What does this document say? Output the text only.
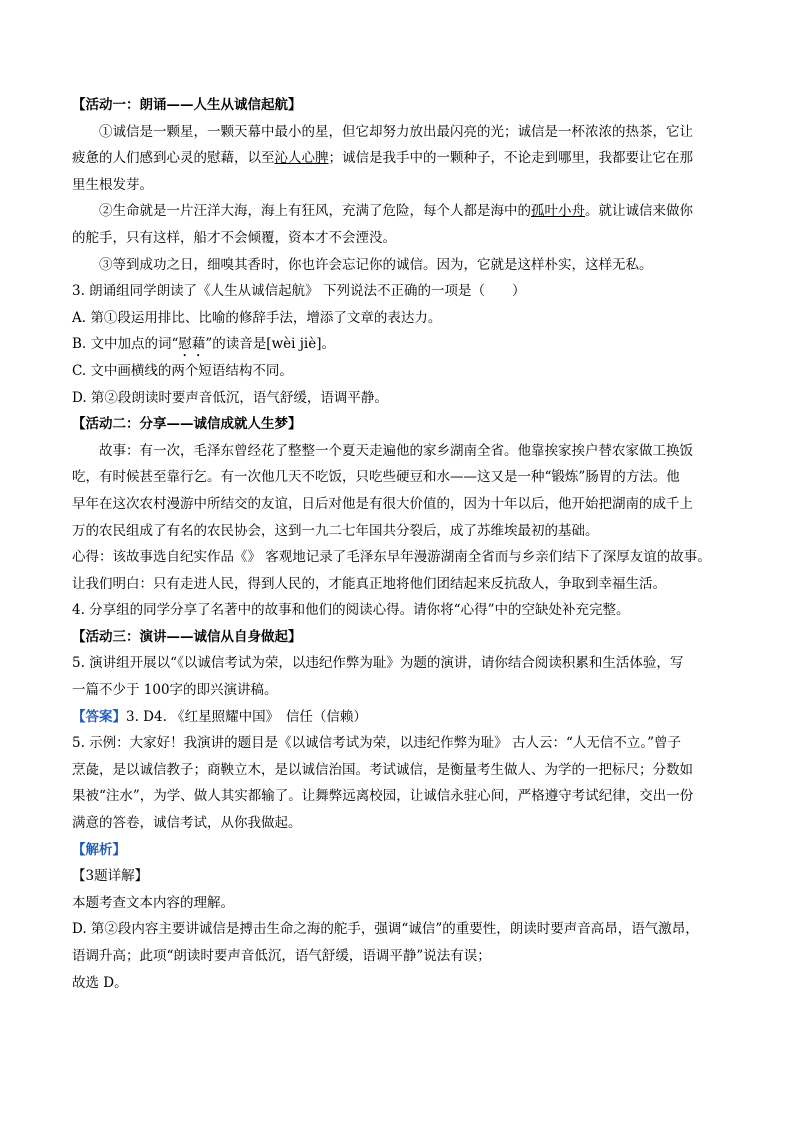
【活动一：朗诵——人生从诚信起航】
①诚信是一颗星，一颗天幕中最小的星，但它却努力放出最闪亮的光；诚信是一杯浓浓的热茶，它让
疲惫的人们感到心灵的慰藉，以至沁人心脾；诚信是我手中的一颗种子，不论走到哪里，我都要让它在那
里生根发芽。
②生命就是一片汪洋大海，海上有狂风，充满了危险，每个人都是海中的孤叶小舟。就让诚信来做你
的舵手，只有这样，船才不会倾覆，资本才不会湮没。
③等到成功之日，细嗅其香时，你也许会忘记你的诚信。因为，它就是这样朴实，这样无私。
3. 朗诵组同学朗读了《人生从诚信起航》 下列说法不正确的一项是（　　）
A. 第①段运用排比、比喻的修辞手法，增添了文章的表达力。
B. 文中加点的词“慰藉”的读音是[wèi jiè]。
C. 文中画横线的两个短语结构不同。
D. 第②段朗读时要声音低沉，语气舒缓，语调平静。
【活动二：分享——诚信成就人生梦】
故事：有一次，毛泽东曾经花了整整一个夏天走遍他的家乡湖南全省。他靠挨家挨户替农家做工换饭
吃，有时候甚至靠行乞。有一次他几天不吃饭，只吃些硬豆和水——这又是一种“锻炼”肠胃的方法。他
早年在这次农村漫游中所结交的友谊，日后对他是有很大价值的，因为十年以后，他开始把湖南的成千上
万的农民组成了有名的农民协会，这到一九二七年国共分裂后，成了苏维埃最初的基础。
心得：该故事选自纪实作品《》 客观地记录了毛泽东早年漫游湖南全省而与乡亲们结下了深厚友谊的故事。
让我们明白：只有走进人民，得到人民的，才能真正地将他们团结起来反抗敌人，争取到幸福生活。
4. 分享组的同学分享了名著中的故事和他们的阅读心得。请你将“心得”中的空缺处补充完整。
【活动三：演讲——诚信从自身做起】
5. 演讲组开展以“《以诚信考试为荣，以违纪作弊为耻》为题的演讲，请你结合阅读积累和生活体验，写
一篇不少于 100字的即兴演讲稿。
【答案】3. D4. 《红星照耀中国》　信任（信赖）
5. 示例：大家好！我演讲的题目是《以诚信考试为荣，以违纪作弊为耻》 古人云：“人无信不立。”曾子
烹彘，是以诚信教子；商鞅立木，是以诚信治国。考试诚信，是衡量考生做人、为学的一把标尺；分数如
果被“注水”，为学、做人其实都输了。让舞弊远离校园，让诚信永驻心间，严格遵守考试纪律，交出一份
满意的答卷，诚信考试，从你我做起。
【解析】
【3题详解】
本题考查文本内容的理解。
D. 第②段内容主要讲诚信是搏击生命之海的舵手，强调“诚信”的重要性，朗读时要声音高昂，语气激昂，
语调升高；此项“朗读时要声音低沉，语气舒缓，语调平静”说法有误；
故选 D。
